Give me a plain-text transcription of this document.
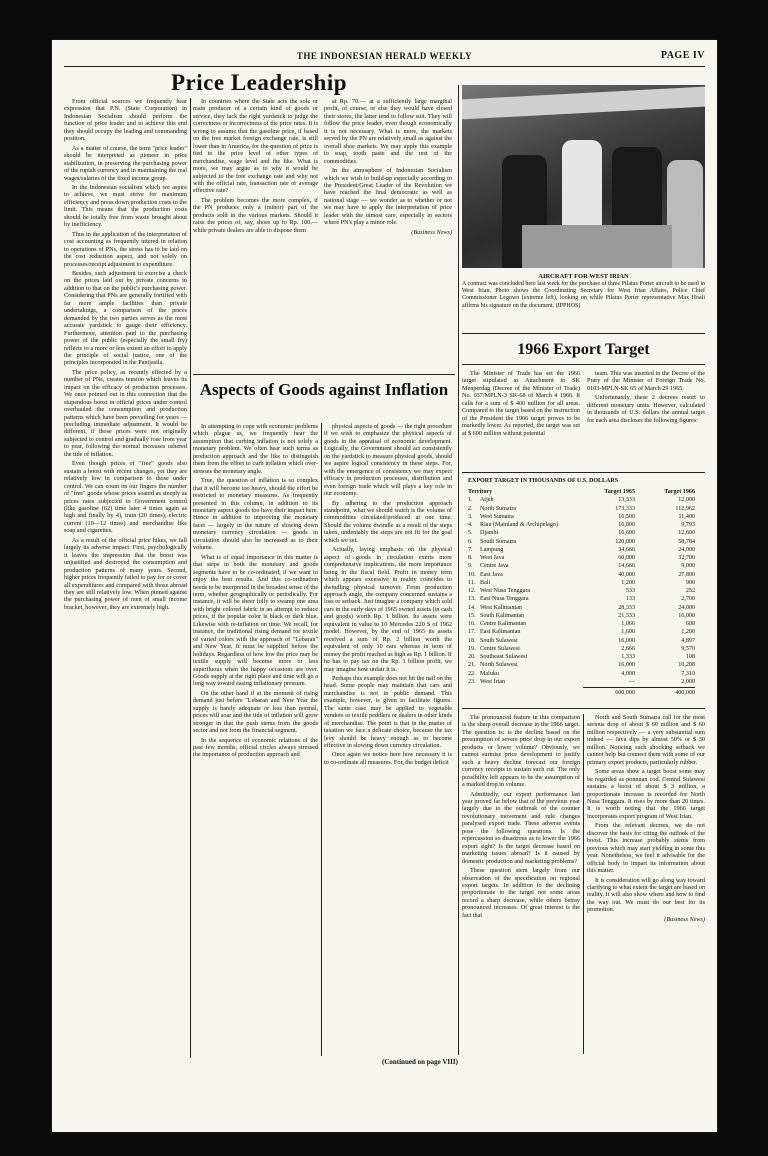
THE INDONESIAN HERALD WEEKLY	PAGE IV
Price Leadership

From official sources we frequently hear expression that P.N. (State Corporation) in Indonesian Socialism should perform the function of price leader and to achieve this end they should occupy the leading and commanding position.

As a matter of course, the term "price leader" should be interpreted as pioneer in price stabilization, in preserving the purchasing power of the rupiah currency and in maintaining the real wages/salaries of the fixed income group.

In the Indonesian socialism which we aspire to achieve, we must strive for maximum efficiency and press down production costs to the limit. This means that the production costs should be totally free from waste brought about by inefficiency.

Thus in the application of the interpretation of cost accounting as frequently uttered in relation to operations of PNs, the stress has to be laid on the cost reduction aspect, and not solely on processes/receipt adjustment to expenditure.

Besides, such adjustment to exercise a check on the prices laid out by private concerns in addition to that on the public's purchasing power. Considering that PNs are generally fortified with far more ample facilities than private undertakings, a comparison of the prices demanded by the two parties serves as the most accurate yardstick to gauge their efficiency. Furthermore, attention paid to the purchasing power of the public (especially the small fry) reflects to a more or less extent an effort to apply the principle of social justice, one of the principles incorporated in the Pantjasila.

The price policy, as recently effected by a number of PNs, creates tension which leaves its impact on the efficacy of production processes. We once pointed out in this connection that the stupendous boost in official prices under control overhauled the consumption and production patterns which have been prevailing for years — precluding immediate adjustment. It would be different, if those prices were not originally subjected to control and gradually rose from year to year, following the normal increases ushered the tide of inflation.

Even though prices of "free" goods also sustain a boost with recent changes, yet they are relatively low in comparison to those under control. We can count on our fingers the number of "free" goods whose prices soared as steeply as prices rates subjected to Government control (like gasoline (62) time later 4 times again as high and finally by 4), train (20 times), electric current (10—12 times) and merchandise like soap and cigarettes.

As a result of the official price hikes, we fall largely its adverse impact. First, psychologically it leaves the impression that the boost was unjustified and destroyed the consumption and production patterns of many years. Second, higher prices frequently failed to pay for or cover all expenditures and compared with those abroad they are still relatively low. When pinned against the purchasing power of men of small income bracket, however, they are extremely high.

In countries where the State acts the sole or main producer of a certain kind of goods or service, they lack the right yardstick to judge the correctness or incorrectness of the price rates. It is wrong to assume that the gasoline price, if based on the free market foreign exchange rate, is still lower than in America, for the question of price is tied to the price level of other types of merchandise, wage level and the like. What is more, we may argue as to why it would be subjected to the free exchange rate and why not with the official rate, transaction rate or average effective rate?

The problem becomes the more complex, if the PN produces only a (minor) part of the products sold in the various markets. Should it raise the prices of, say, shoes up to Rp. 100.— while private dealers are able to dispose them

at Rp. 70.— at a sufficiently large marginal profit, of course, or else they would have closed their stores, the latter tend to follow suit. They will follow the price leader, even though economically it is not necessary. What is more, the markets served by the PN are relatively small as against the overall shoe markets. We may apply this example to soap, tooth paste and the rest of the commodities.

In the atmosphere of Indonesian Socialism which we wish to build-up especially according to the President/Great Leader of the Revolution we have reached the final democratic as well as national stage — we wonder as to whether or not we may have to apply the interpretation of price leader with the utmost care, especially in sectors where PN's play a minor role.

(Business News)
Aspects of Goods against Inflation

In attempting to cope with economic problems which plague us, we frequently hear the assumption that curbing inflation is not solely a monetary problem. We often hear such terms as production approach and the like to distinguish them from the effort to curb inflation which over-stresses the monetary angle.

True, the question of inflation is so complex that it will become too heavy, should the effort be restricted to monetary measures. As frequently presented in this column, in addition to its monetary aspect goods too have their impact here. Hence in addition to improving the monetary facet — largely in the nature of slowing down monetary currency circulation — goods in circulation should also be increased as to their volume.

What is of equal importance in this matter is that steps in both the monetary and goods segments have to be co-ordinated, if we want to enjoy the best results. And this co-ordination needs to be interpreted in the broadest sense of the term, whether geographically or periodically. For instance, it will be sheer folly to swamp one area with bright colored fabric in an attempt to reduce prices, if the popular color is black or dark blue. Likewise with re-inflation on time. We recall, for instance, the traditional rising demand for textile of varied colors with the approach of "Lebaran" and New Year. It must be supplied before the holidays. Regardless of how low the price may be textile supply will become more or less superfluous when the happy occasions are over. Goods supply at the right place and time will go a long way toward easing inflationary pressure.

On the other hand if at the moment of rising demand just before "Lebaran and New Year the supply is barely adequate or less than normal, prices will soar and the tide of inflation will grow stronger in that the push stems from the goods sector and not from the financial segment.

In the sequence of economic relations of the past few months, official circles always stressed the importance of production approach and

physical aspects of goods — the right procedure if we wish to emphasize the physical aspects of goods in the appraisal of economic development. Logically, the Government should act consistently on the yardstick to measure physical goods, should we aspire logical consistency in these steps. For, with the emergence of consistency we may expect efficacy in production processes, distribution and even foreign trade which will plays a key role in our economy.

By adhering to the production approach standpoint, what we should watch is the volume of commodities circulated/produced at one time. Should the volume dwindle as a result of the steps taken, undeniably the steps are not fit for the goal which we set.

Actually, laying emphasis on the physical aspect of goods in circulation exerts more comprehensive implications, the more importance being in the fiscal field. Profit in money term which appears excessive in reality coincides to dwindling physical turnover. From production approach angle, the company concerned sustains a loss or setback. Just imagine a company which sold cars in the early days of 1965 owned assets (in cash and goods) worth Rp. 1 billion. Its assets were equivalent in value to 10 Mercedes 220 S of 1962 model. However, by the end of 1965 its assets received a sum of Rp. 2 billion worth the equivalent of only 10 cars whereas in term of money the profit reached as high as Rp. 1 billion. If he has to pay tax on the Rp. 1 billion profit, we may imagine how unfair it is.

Perhaps this example does not hit the nail on the head. Some people may maintain that cars and merchandise is not in public demand. This example, however, is given to facilitate figures. The same case may be applied to vegetable vendors or textile peddlers or dealers in other kinds of merchandise. The point is that in the matter of taxation we face a delicate choice, because the tax levy should be heavy enough as to become effective in slowing down currency circulation.

Once again we notice here how necessary it is to co-ordinate all measures. For, the budget deficit

(Continued on page VIII)
AIRCRAFT FOR WEST IRIAN
A contract was concluded here last week for the purchase of three Pilatus Porter aircraft to be used in West Irian. Photo shows the Coordinating Secretary for West Irian Affairs, Police Chief Commissioner Legowo (extreme left), looking on while Pilatus Porter representative Max Hoali affirms his signature on the document. (IPPHOS)
1966 Export Target

The Minister of Trade has set the 1966 target stipulated as Attachment to SK Menperdag (Decree of the Minister of Trade) No. 037/MPLN-3 SK-68 of March 4 1966. It calls for a sum of $ 400 million for all areas. Compared to the target based on the instruction of the President the 1966 target proves to be markedly lower. As reported, the target was set at $ 600 million without potential

team. This was inserted in the Decree of the Prary of the Minister of Foreign Trade No. 0103-MPLN-SK 65 of March 29 1965.

Unfortunately, these 2 decrees resort to different monetary units. However, calculated in thousands of U.S. dollars the annual target for each area discloses the following figures:

EXPORT TARGET IN THOUSANDS OF U.S. DOLLARS
Territory	Target 1965	Target 1966
1.	Atjeh	13,333	12,000
2.	North Sumatra	173,333	112,962
3.	West Sumatra	16,500	11,400
4.	Riau (Mainland & Archipelago)	16,800	9,793
5.	Djambi	16,600	12,600
6.	South Sumatra	120,000	58,784
7.	Lampung	34,666	24,000
8.	West Java	60,000	32,700
9.	Centre Java	14,666	9,000
10. East Java	40,000	27,800
11. Bali	1,200	900
12. West Nusa Tenggara	533	252
13. East Nusa Tenggara	133	2,700
14. West Kalimantan	28,333	24,000
15. South Kalimantan	21,333	16,000
16. Centre Kalimantan	1,066	600
17. East Kalimantan	1,600	1,200
18. South Sulawesi	16,000	4,897
19. Centre Sulawesi	2,666	9,570
20. Southeast Sulawesi	1,333	108
21. North Sulawesi	16,000	10,208
22. Maluku	4,000	7,310
23. West Irian	—	2,000
600,000	400,000

The pronounced feature in this comparison is the sharp overall decrease in the 1966 target. The question is: is the decline based on the presumption of severe price drop in our export products or lower volume? Obviously, we cannot surmise price development to justify such a heavy decline forecast our foreign currency receipts to sustain such cut. The only possibility left appears to be the assumption of a marked drop in volume.

Admittedly, our export performance last year proved far below that of the previous year largely due to the outbreak of the counter revolutionary movement and rule changes paralysed export trade. These adverse events pose the following questions. Is the repercussion so disastrous as to lower the 1966 export sight? Is the target decrease based on marketing issues abroad? Is it caused by domestic production and marketing problems?

These question stem largely from our observation of the specification on regional export targets. In addition to the declining proportionate to the target not some areas record a sharp decrease, while others betray pronounced increases. Of great interest is the fact that

North and South Sumatra call for the most serious drop of about $ 60 million and $ 60 million respectively — a very substantial sum indeed — Java dips by almost 50% or $ 30 million. Noticing such shocking setback we cannot help but connect them with some of our primary export products, particularly rubber.

Some areas show a target boost some may be regarded as ponnuan cod. Central Sulawesi sustains a boost of about $ 3 million, a proportionate increase is recorded for North Nusa Tenggara. It rises by more than 20 times. It is worth noting that the 1966 target incorporates export program of West Irian.

From the relevant decrees, we do not discover the basis for citing the outlook of the boost. This increase probably stems from previous which may start yielding in some this year. Nonetheless, we feel it advisable for the official body to impart its information about this matter.

It is consideration will go along way toward clarifying to what extent the target are based on reality. It will also show where and how to find the way out. We must do our best for its promotion.

(Business News)
